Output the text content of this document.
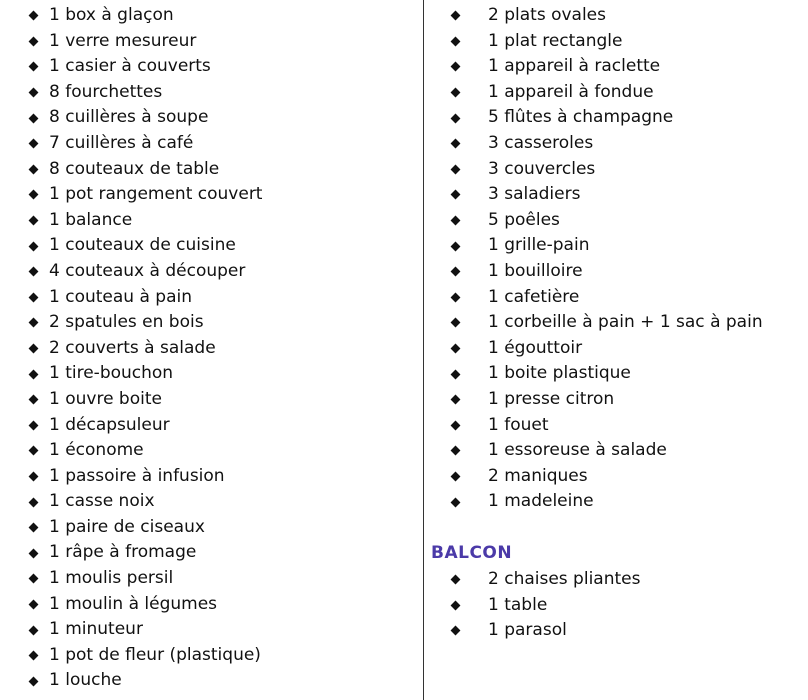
1 box à glaçon
1 verre mesureur
1 casier à couverts
8 fourchettes
8 cuillères à soupe
7 cuillères à café
8 couteaux de table
1 pot rangement couvert
1 balance
1 couteaux de cuisine
4 couteaux à découper
1 couteau à pain
2 spatules en bois
2 couverts à salade
1 tire-bouchon
1 ouvre boite
1 décapsuleur
1 économe
1 passoire à infusion
1 casse noix
1 paire de ciseaux
1 râpe à fromage
1 moulis persil
1 moulin à légumes
1 minuteur
1 pot de fleur (plastique)
1 louche
2 plats ovales
1 plat rectangle
1 appareil à raclette
1 appareil à fondue
5 flûtes à champagne
3 casseroles
3 couvercles
3 saladiers
5 poêles
1 grille-pain
1 bouilloire
1 cafetière
1 corbeille à pain + 1 sac à pain
1 égouttoir
1 boite plastique
1 presse citron
1 fouet
1 essoreuse à salade
2 maniques
1 madeleine
BALCON
2 chaises pliantes
1 table
1 parasol
